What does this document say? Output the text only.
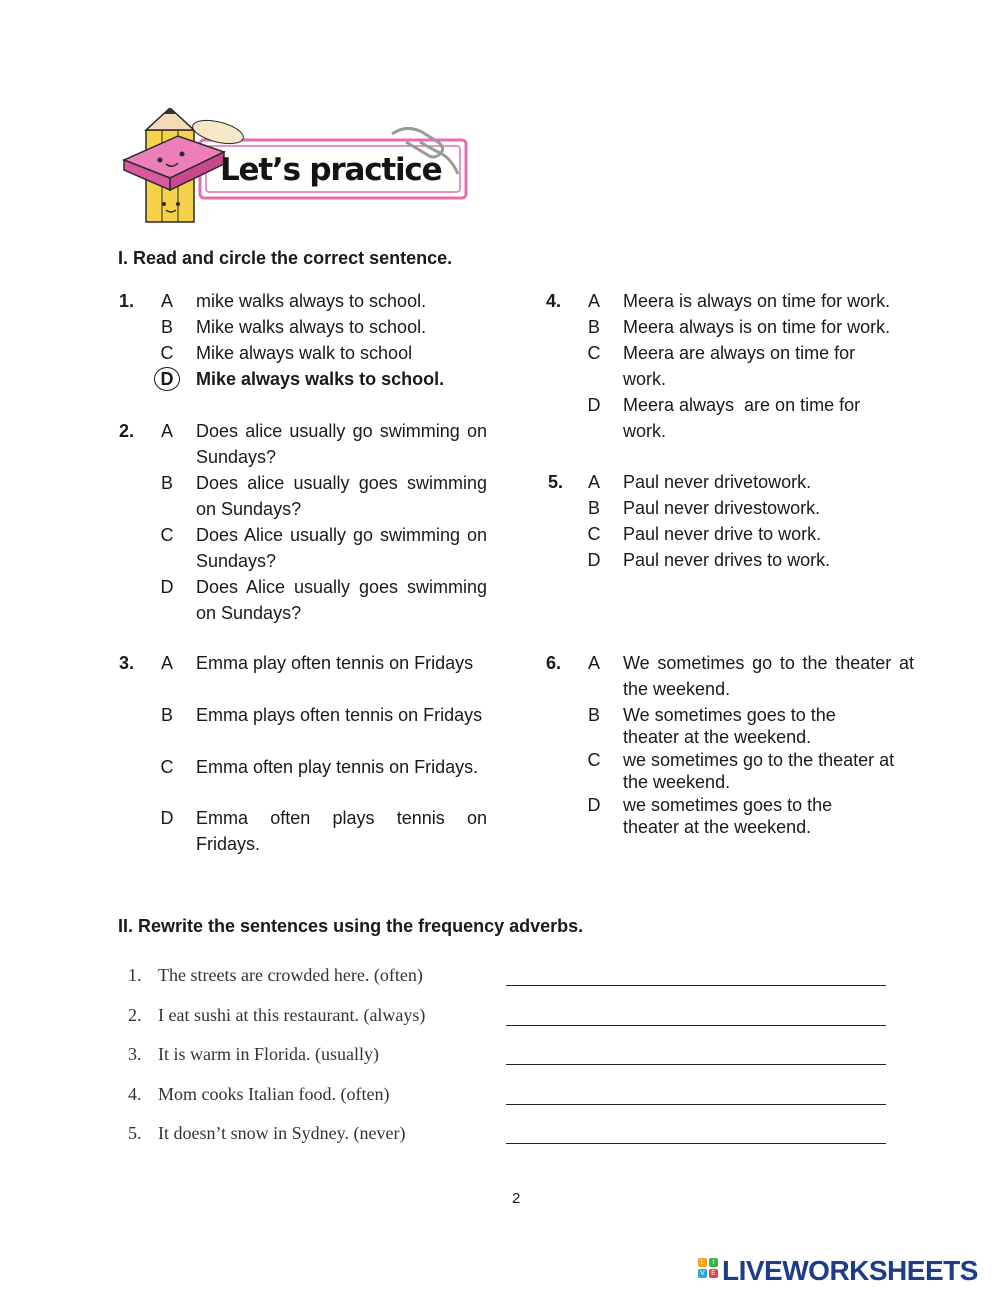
Let’s practice
I. Read and circle the correct sentence.
1. A mike walks always to school.
B Mike walks always to school.
C Mike always walk to school
D Mike always walks to school.
2. A Does alice usually go swimming on Sundays?
B Does alice usually goes swimming on Sundays?
C Does Alice usually go swimming on Sundays?
D Does Alice usually goes swimming on Sundays?
3. A Emma play often tennis on Fridays
B Emma plays often tennis on Fridays
C Emma often play tennis on Fridays.
D Emma often plays tennis on Fridays.
4. A Meera is always on time for work.
B Meera always is on time for work.
C Meera are always on time for work.
D Meera always  are on time for work.
5. A Paul never drivetowork.
B Paul never drivestowork.
C Paul never drive to work.
D Paul never drives to work.
6. A We sometimes go to the theater at the weekend.
B We sometimes goes to the theater at the weekend.
C we sometimes go to the theater at the weekend.
D we sometimes goes to the theater at the weekend.
II. Rewrite the sentences using the frequency adverbs.
1. The streets are crowded here. (often)
2. I eat sushi at this restaurant. (always)
3. It is warm in Florida. (usually)
4. Mom cooks Italian food. (often)
5. It doesn’t snow in Sydney. (never)
2
L	I
V E LIVEWORKSHEETS
